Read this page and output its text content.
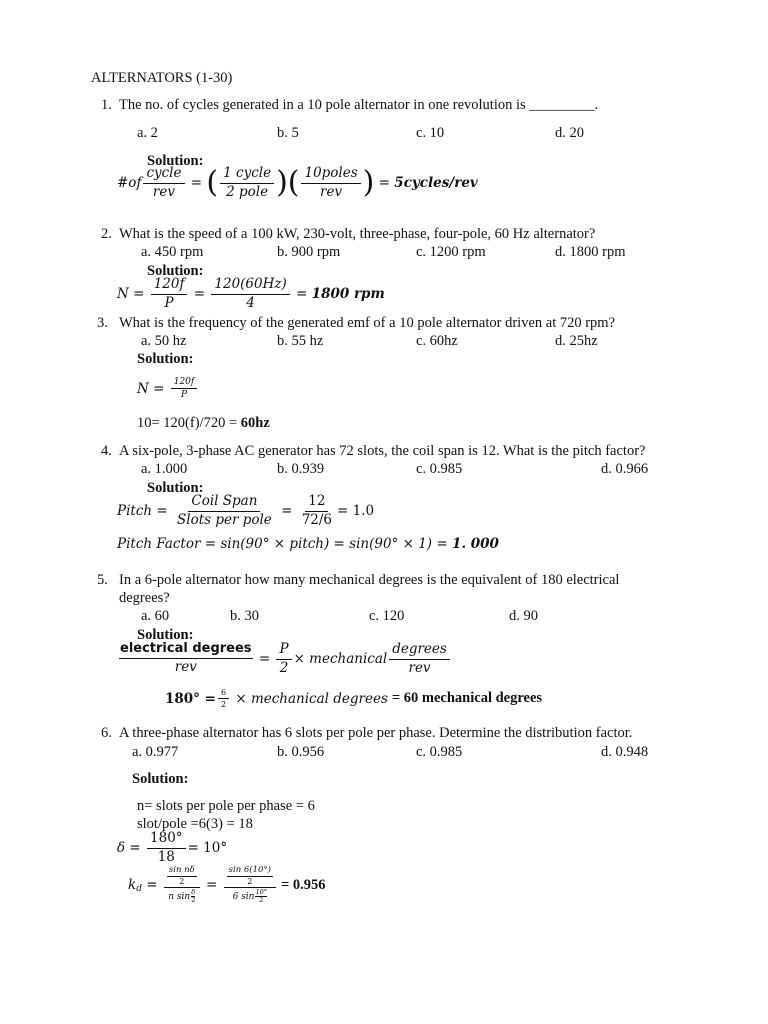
ALTERNATORS (1-30)
1. The no. of cycles generated in a 10 pole alternator in one revolution is _________.
a. 2	b. 5	c. 10	d. 20
Solution:
#of $\frac{\text{cycle}}{\text{rev}}$ = ( $\frac{\text{1 cycle}}{\text{2 pole}}$ )( $\frac{\text{10poles}}{\text{rev}}$ ) = 5cycles/rev
2. What is the speed of a 100 kW, 230-volt, three-phase, four-pole, 60 Hz alternator?
a. 450 rpm	b. 900 rpm	c. 1200 rpm	d. 1800 rpm
Solution:
$N = \frac{120f}{P} = \frac{120(60Hz)}{4} = 1800$ rpm
3. What is the frequency of the generated emf of a 10 pole alternator driven at 720 rpm?
a. 50 hz	b. 55 hz	c. 60hz	d. 25hz
Solution:
$N = \frac{120f}{P}$
10= 120(f)/720 = 60hz
4. A six-pole, 3-phase AC generator has 72 slots, the coil span is 12. What is the pitch factor?
a. 1.000	b. 0.939	c. 0.985	d. 0.966
Solution:
Pitch = $\frac{\text{Coil Span}}{\text{Slots per pole}} = \frac{12}{72/6} = 1.0$
Pitch Factor = sin(90° × pitch) = sin(90° × 1) = 1. 000
5. In a 6-pole alternator how many mechanical degrees is the equivalent of 180 electrical
degrees?
a. 60	b. 30	c. 120	d. 90
Solution:
$\frac{\text{electrical degrees}}{\text{rev}} = \frac{P}{2}$ × mechanical $\frac{\text{degrees}}{\text{rev}}$
$180^\circ = \frac{6}{2}$
× mechanical degrees = 60 mechanical degrees
6. A three-phase alternator has 6 slots per pole per phase. Determine the distribution factor.
a. 0.977	b. 0.956	c. 0.985	d. 0.948
Solution:
n= slots per pole per phase = 6
slot/pole =6(3) = 18
δ =
$\frac{180^\circ}{18} = 10^\circ$
k d = sin nδ
2
n sin δ
2 = sin 6(10°)
2
6 sin 10°
2 = 0.956
